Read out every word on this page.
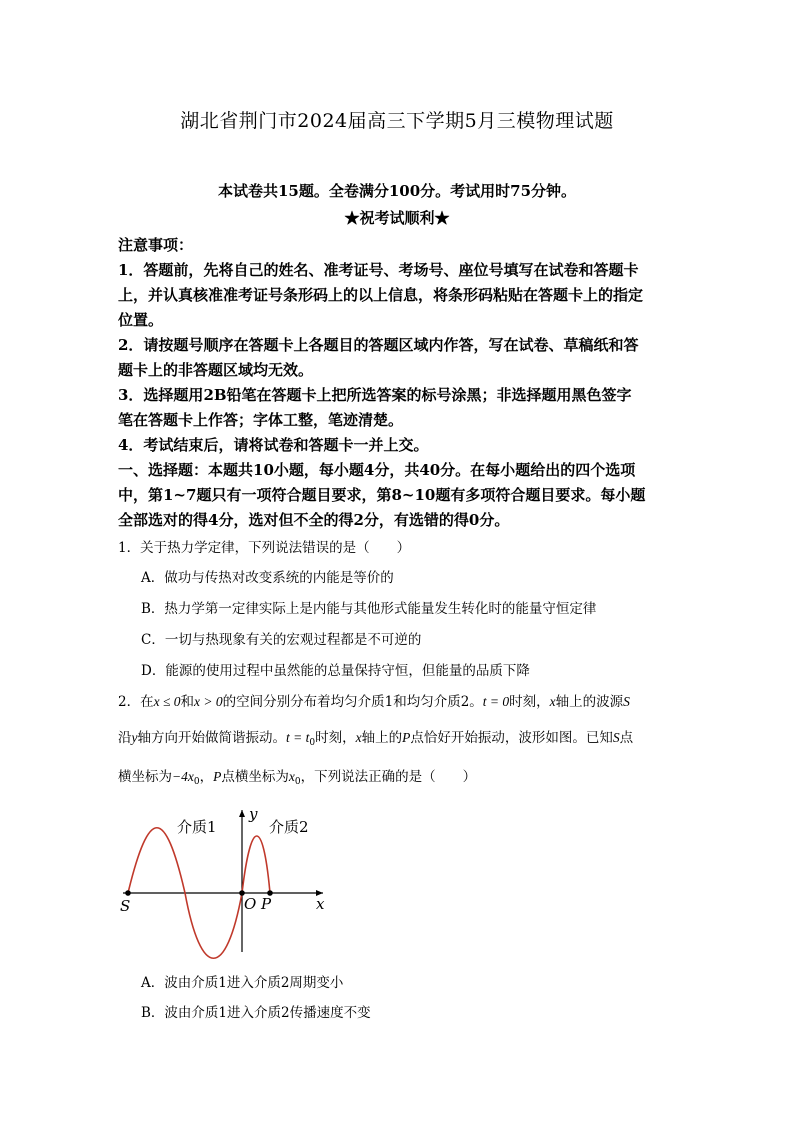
湖北省荆门市2024届高三下学期5月三模物理试题
本试卷共15题。全卷满分100分。考试用时75分钟。
★祝考试顺利★
注意事项：
1．答题前，先将自己的姓名、准考证号、考场号、座位号填写在试卷和答题卡
上，并认真核准准考证号条形码上的以上信息，将条形码粘贴在答题卡上的指定
位置。
2．请按题号顺序在答题卡上各题目的答题区域内作答，写在试卷、草稿纸和答
题卡上的非答题区域均无效。
3．选择题用2B铅笔在答题卡上把所选答案的标号涂黑；非选择题用黑色签字
笔在答题卡上作答；字体工整，笔迹清楚。
4．考试结束后，请将试卷和答题卡一并上交。
一、选择题：本题共10小题，每小题4分，共40分。在每小题给出的四个选项
中，第1~7题只有一项符合题目要求，第8~10题有多项符合题目要求。每小题
全部选对的得4分，选对但不全的得2分，有选错的得0分。
1．关于热力学定律，下列说法错误的是（　　）
A．做功与传热对改变系统的内能是等价的
B．热力学第一定律实际上是内能与其他形式能量发生转化时的能量守恒定律
C．一切与热现象有关的宏观过程都是不可逆的
D．能源的使用过程中虽然能的总量保持守恒，但能量的品质下降
2．在x ≤ 0和x > 0的空间分别分布着均匀介质1和均匀介质2。t = 0时刻，x轴上的波源S
沿y轴方向开始做简谐振动。$t = t_0$时刻，x轴上的P点恰好开始振动，波形如图。已知S点
横坐标为$-4x_0$，P点横坐标为$x_0$，下列说法正确的是（　　）
介质1	介质2
y
x
S	O P
A．波由介质1进入介质2周期变小
B．波由介质1进入介质2传播速度不变
